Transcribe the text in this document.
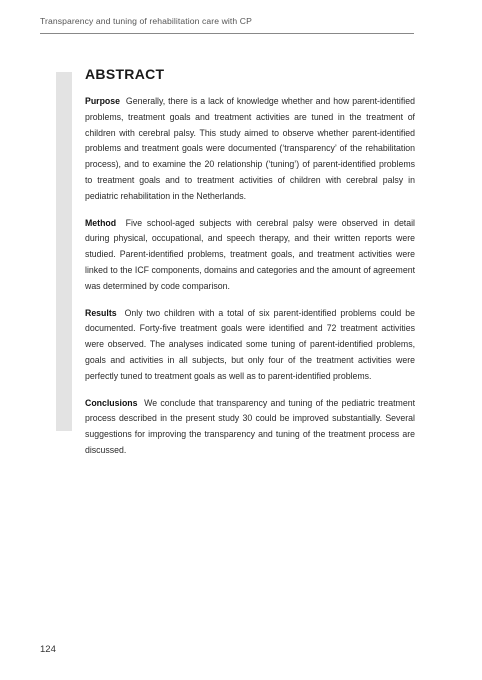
Transparency and tuning of rehabilitation care with CP
ABSTRACT

Purpose Generally, there is a lack of knowledge whether and how parent-identified problems, treatment goals and treatment activities are tuned in the treatment of children with cerebral palsy. This study aimed to observe whether parent-identified problems and treatment goals were documented (‘transparency’ of the rehabilitation process), and to examine the 20 relationship (‘tuning’) of parent-identified problems to treatment goals and to treatment activities of children with cerebral palsy in pediatric rehabilitation in the Netherlands.

Method Five school-aged subjects with cerebral palsy were observed in detail during physical, occupational, and speech therapy, and their written reports were studied. Parent-identified problems, treatment goals, and treatment activities were linked to the ICF components, domains and categories and the amount of agreement was determined by code comparison.

Results Only two children with a total of six parent-identified problems could be documented. Forty-five treatment goals were identified and 72 treatment activities were observed. The analyses indicated some tuning of parent-identified problems, goals and activities in all subjects, but only four of the treatment activities were perfectly tuned to treatment goals as well as to parent-identified problems.

Conclusions We conclude that transparency and tuning of the pediatric treatment process described in the present study 30 could be improved substantially. Several suggestions for improving the transparency and tuning of the treatment process are discussed.

124
